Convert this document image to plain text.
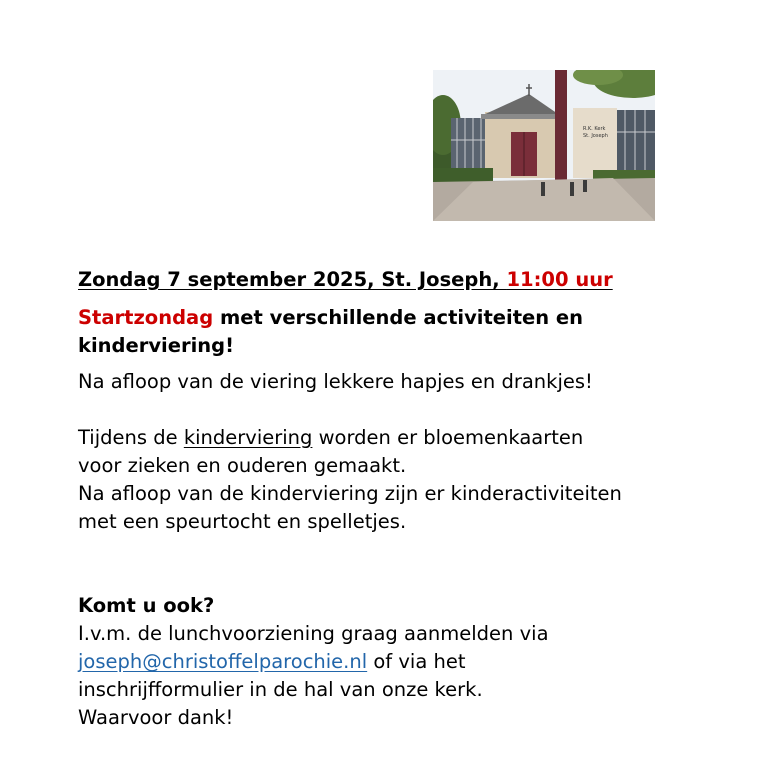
R.K. Kerk
St. Joseph
Zondag 7 september 2025, St. Joseph, 11:00 uur
Startzondag met verschillende activiteiten en kinderviering!
Na afloop van de viering lekkere hapjes en drankjes!
Tijdens de kinderviering worden er bloemenkaarten
voor zieken en ouderen gemaakt.
Na afloop van de kinderviering zijn er kinderactiviteiten
met een speurtocht en spelletjes.
Komt u ook?
I.v.m. de lunchvoorziening graag aanmelden via
joseph@christoffelparochie.nl of via het
inschrijfformulier in de hal van onze kerk.
Waarvoor dank!
